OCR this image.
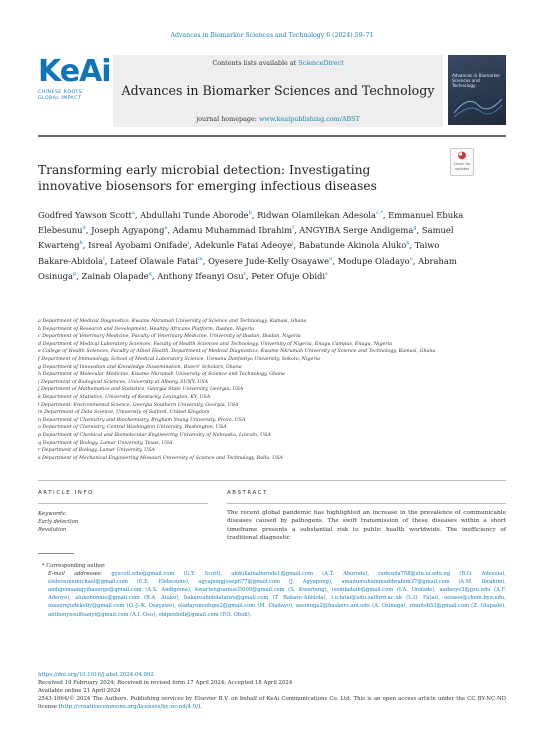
Advances in Biomarker Sciences and Technology 6 (2024) 59–71
KeAi
CHINESE ROOTS
GLOBAL IMPACT
Contents lists available at ScienceDirect
Advances in Biomarker Sciences and Technology
journal homepage: www.keaipublishing.com/ABST
Advances in Biomarker Sciences and Technology
Transforming early microbial detection: Investigating innovative biosensors for emerging infectious diseases
◕
Check for updates
Godfred Yawson Scott$^a$, Abdullahi Tunde Aborode$^b$, Ridwan Olamilekan Adesola$^{c,*}$, Emmanuel Ebuka Elebesunu$^d$, Joseph Agyapong$^e$, Adamu Muhammad Ibrahim$^f$, ANGYIBA Serge Andigema$^g$, Samuel Kwarteng$^h$, Isreal Ayobami Onifade$^i$, Adekunle Fatai Adeoye$^j$, Babatunde Akinola Aluko$^k$, Taiwo Bakare-Abidola$^l$, Lateef Olawale Fatai$^m$, Oyesere Jude-Kelly Osayawe$^n$, Modupe Oladayo$^o$, Abraham Osinuga$^p$, Zainab Olapade$^q$, Anthony Ifeanyi Osu$^r$, Peter Ofuje Obidi$^s$
a Department of Medical Diagnostics, Kwame Nkrumah University of Science and Technology, Kumasi, Ghana
b Department of Research and Development, Healthy Africans Platform, Ibadan, Nigeria
c Department of Veterinary Medicine, Faculty of Veterinary Medicine, University of Ibadan, Ibadan, Nigeria
d Department of Medical Laboratory Sciences, Faculty of Health Sciences and Technology, University of Nigeria, Enugu Campus, Enugu, Nigeria
e College of Health Sciences, Faculty of Allied Health, Department of Medical Diagnostics, Kwame Nkrumah University of Science and Technology, Kumasi, Ghana
f Department of Immunology, School of Medical Laboratory Science, Usmanu Danfodiyo University, Sokoto, Nigeria
g Department of Innovation and Knowledge Dissemination, Bizers' Scholars, Ghana
h Department of Molecular Medicine, Kwame Nkrumah University of Science and Technology, Ghana
i Department of Biological Sciences, University at Albany, SUNY, USA
j Department of Mathematics and Statistics, Georgia State University, Georgia, USA
k Department of Statistics, University of Kentucky, Lexington, KY, USA
l Department: Environmental Science, Georgia Southern University, Georgia, USA
m Department of Data Science, University of Salford, United Kingdom
n Department of Chemistry and Biochemistry, Brigham Young University, Provo, USA
o Department of Chemistry, Central Washington University, Washington, USA
p Department of Chemical and Biomolecular Engineering University of Nebraska, Lincoln, USA
q Department of Biology, Lamar University, Texas, USA
r Department of Biology, Lamar University, USA
s Department of Mechanical Engineering Missouri University of Science and Technology, Rolla, USA
ARTICLE INFO
Keywords:
Early detection
Revolution
ABSTRACT
The recent global pandemic has highlighted an increase in the prevalence of communicable diseases caused by pathogens. The swift transmission of these diseases within a short timeframe presents a substantial risk to public health worldwide. The inefficiency of traditional diagnostic
* Corresponding author.
E-mail addresses: gyscott.edu@gmail.com (G.Y. Scott), abdullahiaborode1@gmail.com (A.T. Aborode), radesola758@stu.ui.edu.ng (R.O. Adesola), elebesunumichael@gmail.com (E.E. Elebesunu), agyapongjoseph77@gmail.com (J. Agyapong), amadumuhammadibrahim37@gmail.com (A.M. Ibrahim), andigemaangyibaserge@gmail.com (A.S. Andigema), kwartengsamuel5000@gmail.com (S. Kwarteng), isonifadeib@gmail.com (I.A. Onifade), aadeoye3@gsu.edu (A.F. Adeoye), alukobonnie@gmail.com (B.A. Aluko), bakareabidolataiwo@gmail.com (T. Bakare-Abidola), l.o.fatai@edu.salford.ac.uk (L.O. Fatai), oosaeo@chem.byu.edu, osaserejudekelly@gmail.com (O.-J.-K. Osayawe), oladayomodupe2@gmail.com (M. Oladayo), aosinuga2@huskers.unl.edu (A. Osinuga), zmnitsh53@gmail.com (Z. Olapade), anthonyosuifeanyi@gmail.com (A.I. Osu), obipeobidi@gmail.com (P.O. Obidi).
https://doi.org/10.1016/j.abst.2024.04.002
Received 19 February 2024; Received in revised form 17 April 2024; Accepted 18 April 2024
Available online 21 April 2024
2543-1064/© 2024 The Authors. Publishing services by Elsevier B.V. on behalf of KeAi Communications Co. Ltd. This is an open access article under the CC BY-NC-ND license (http://creativecommons.org/licenses/by-nc-nd/4.0/).
